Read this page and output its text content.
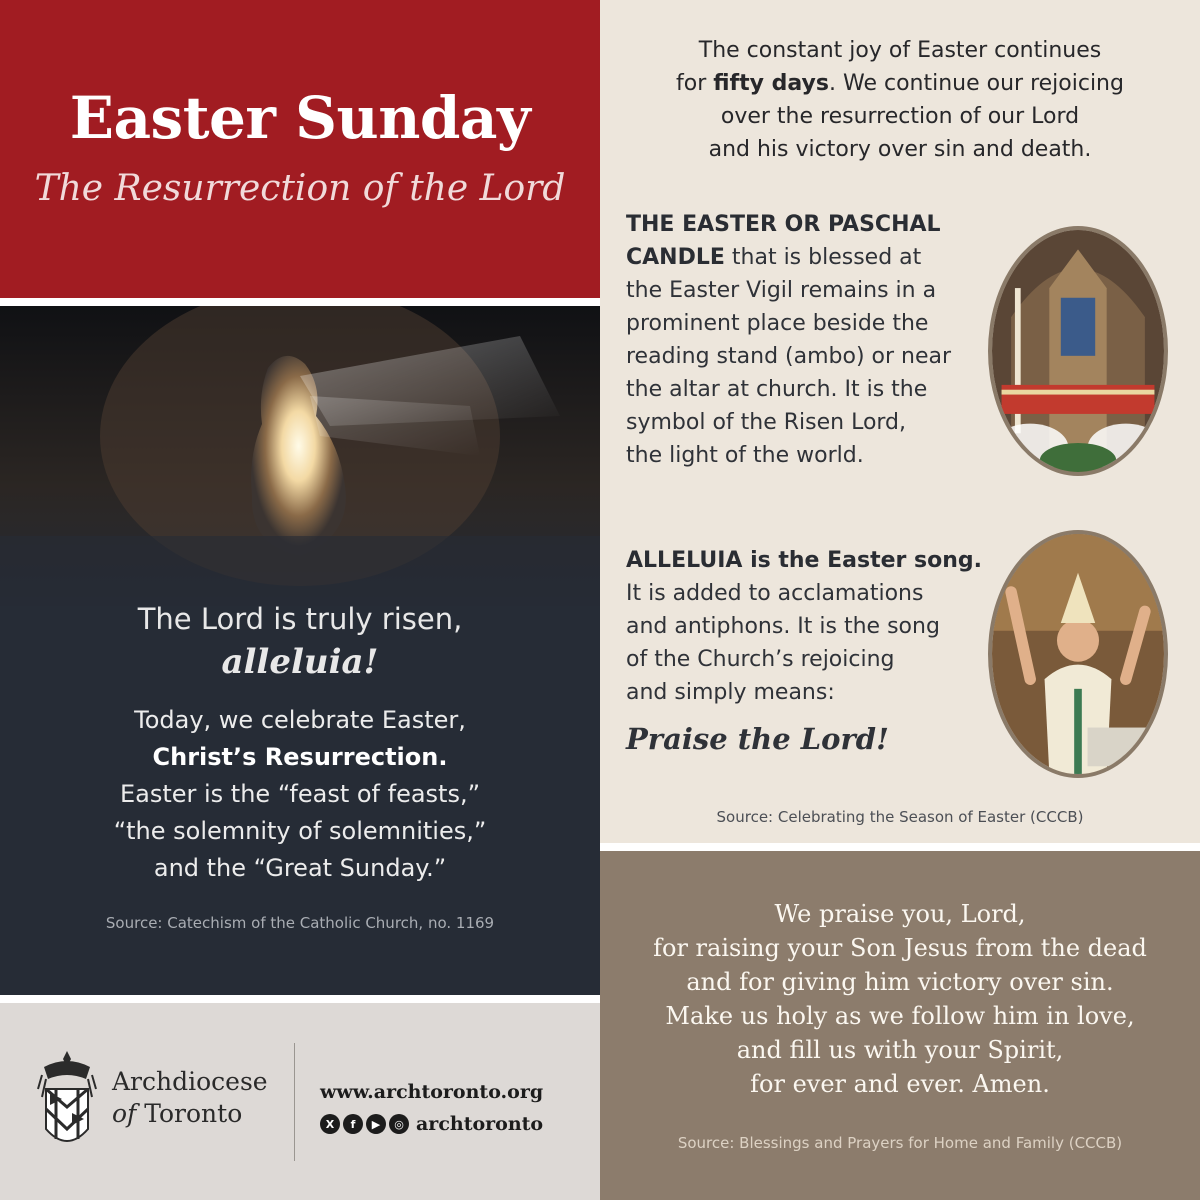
Easter Sunday
The Resurrection of the Lord
The Lord is truly risen,
alleluia!
Today, we celebrate Easter,
Christ’s Resurrection.
Easter is the “feast of feasts,”
“the solemnity of solemnities,”
and the “Great Sunday.”
Source: Catechism of the Catholic Church, no. 1169
Archdiocese
of Toronto
www.archtoronto.org
X	f	▶	◎ archtoronto
The constant joy of Easter continues
for fifty days. We continue our rejoicing
over the resurrection of our Lord
and his victory over sin and death.
THE EASTER OR PASCHAL
CANDLE that is blessed at
the Easter Vigil remains in a
prominent place beside the
reading stand (ambo) or near
the altar at church. It is the
symbol of the Risen Lord,
the light of the world.
ALLELUIA is the Easter song.
It is added to acclamations
and antiphons. It is the song
of the Church’s rejoicing
and simply means:
Praise the Lord!
Source: Celebrating the Season of Easter (CCCB)
We praise you, Lord,
for raising your Son Jesus from the dead
and for giving him victory over sin.
Make us holy as we follow him in love,
and fill us with your Spirit,
for ever and ever. Amen.
Source: Blessings and Prayers for Home and Family (CCCB)
